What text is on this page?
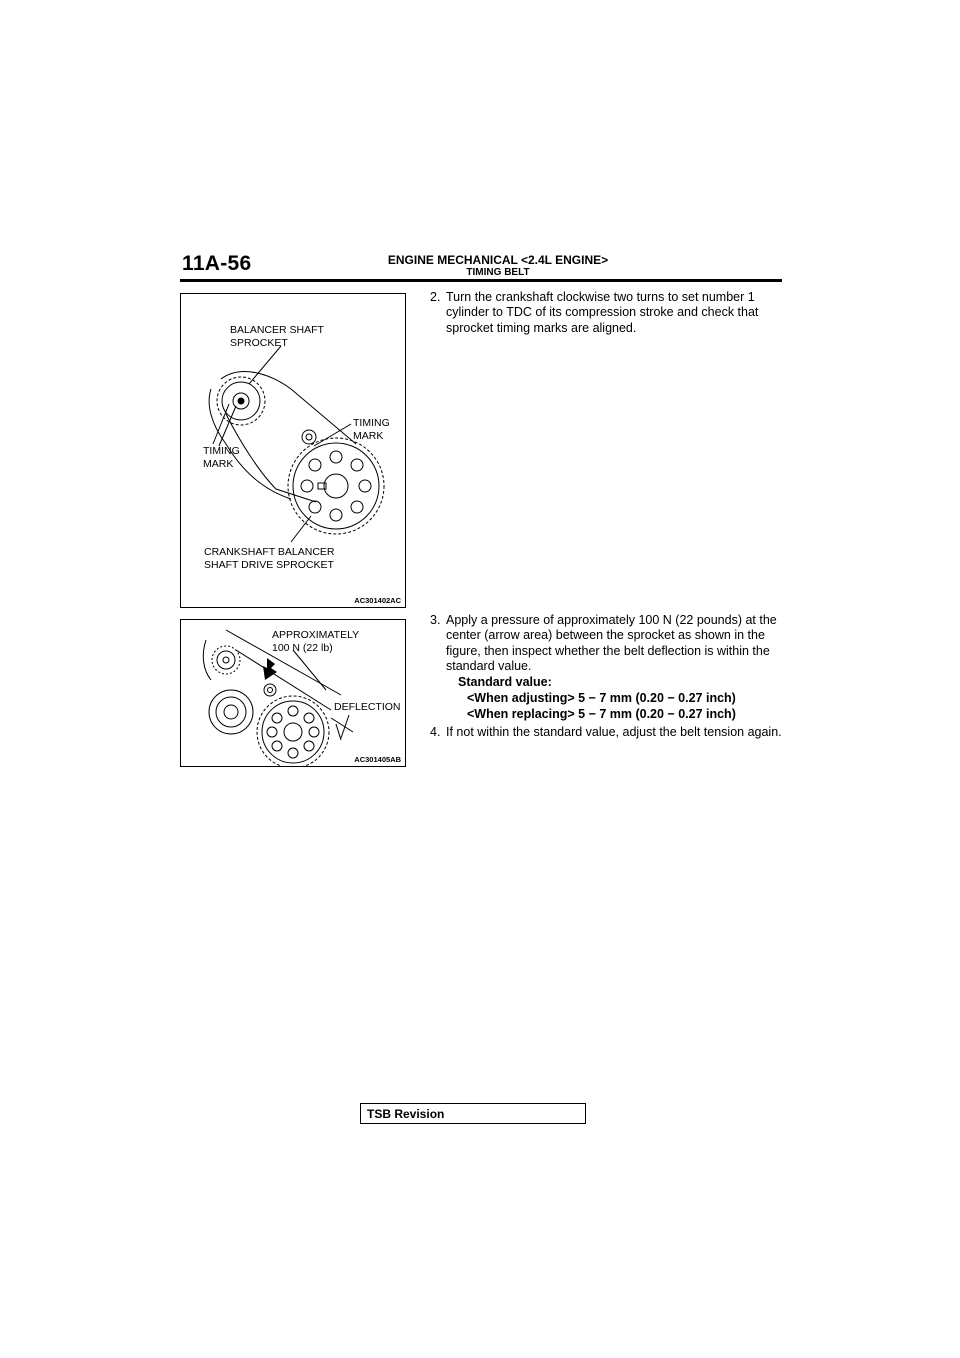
11A-56	ENGINE MECHANICAL <2.4L ENGINE>
TIMING BELT
BALANCER SHAFT
SPROCKET
TIMING
MARK
TIMING
MARK
CRANKSHAFT BALANCER
SHAFT DRIVE SPROCKET
AC301402AC
APPROXIMATELY
100 N (22 lb)
DEFLECTION
AC301405AB
2. Turn the crankshaft clockwise two turns to set number 1 cylinder to TDC of its compression stroke and check that sprocket timing marks are aligned.
3. Apply a pressure of approximately 100 N (22 pounds) at the center (arrow area) between the sprocket as shown in the figure, then inspect whether the belt deflection is within the standard value.
Standard value:
<When adjusting> 5 − 7 mm (0.20 − 0.27 inch)
<When replacing> 5 − 7 mm (0.20 − 0.27 inch)
4. If not within the standard value, adjust the belt tension again.
TSB Revision
